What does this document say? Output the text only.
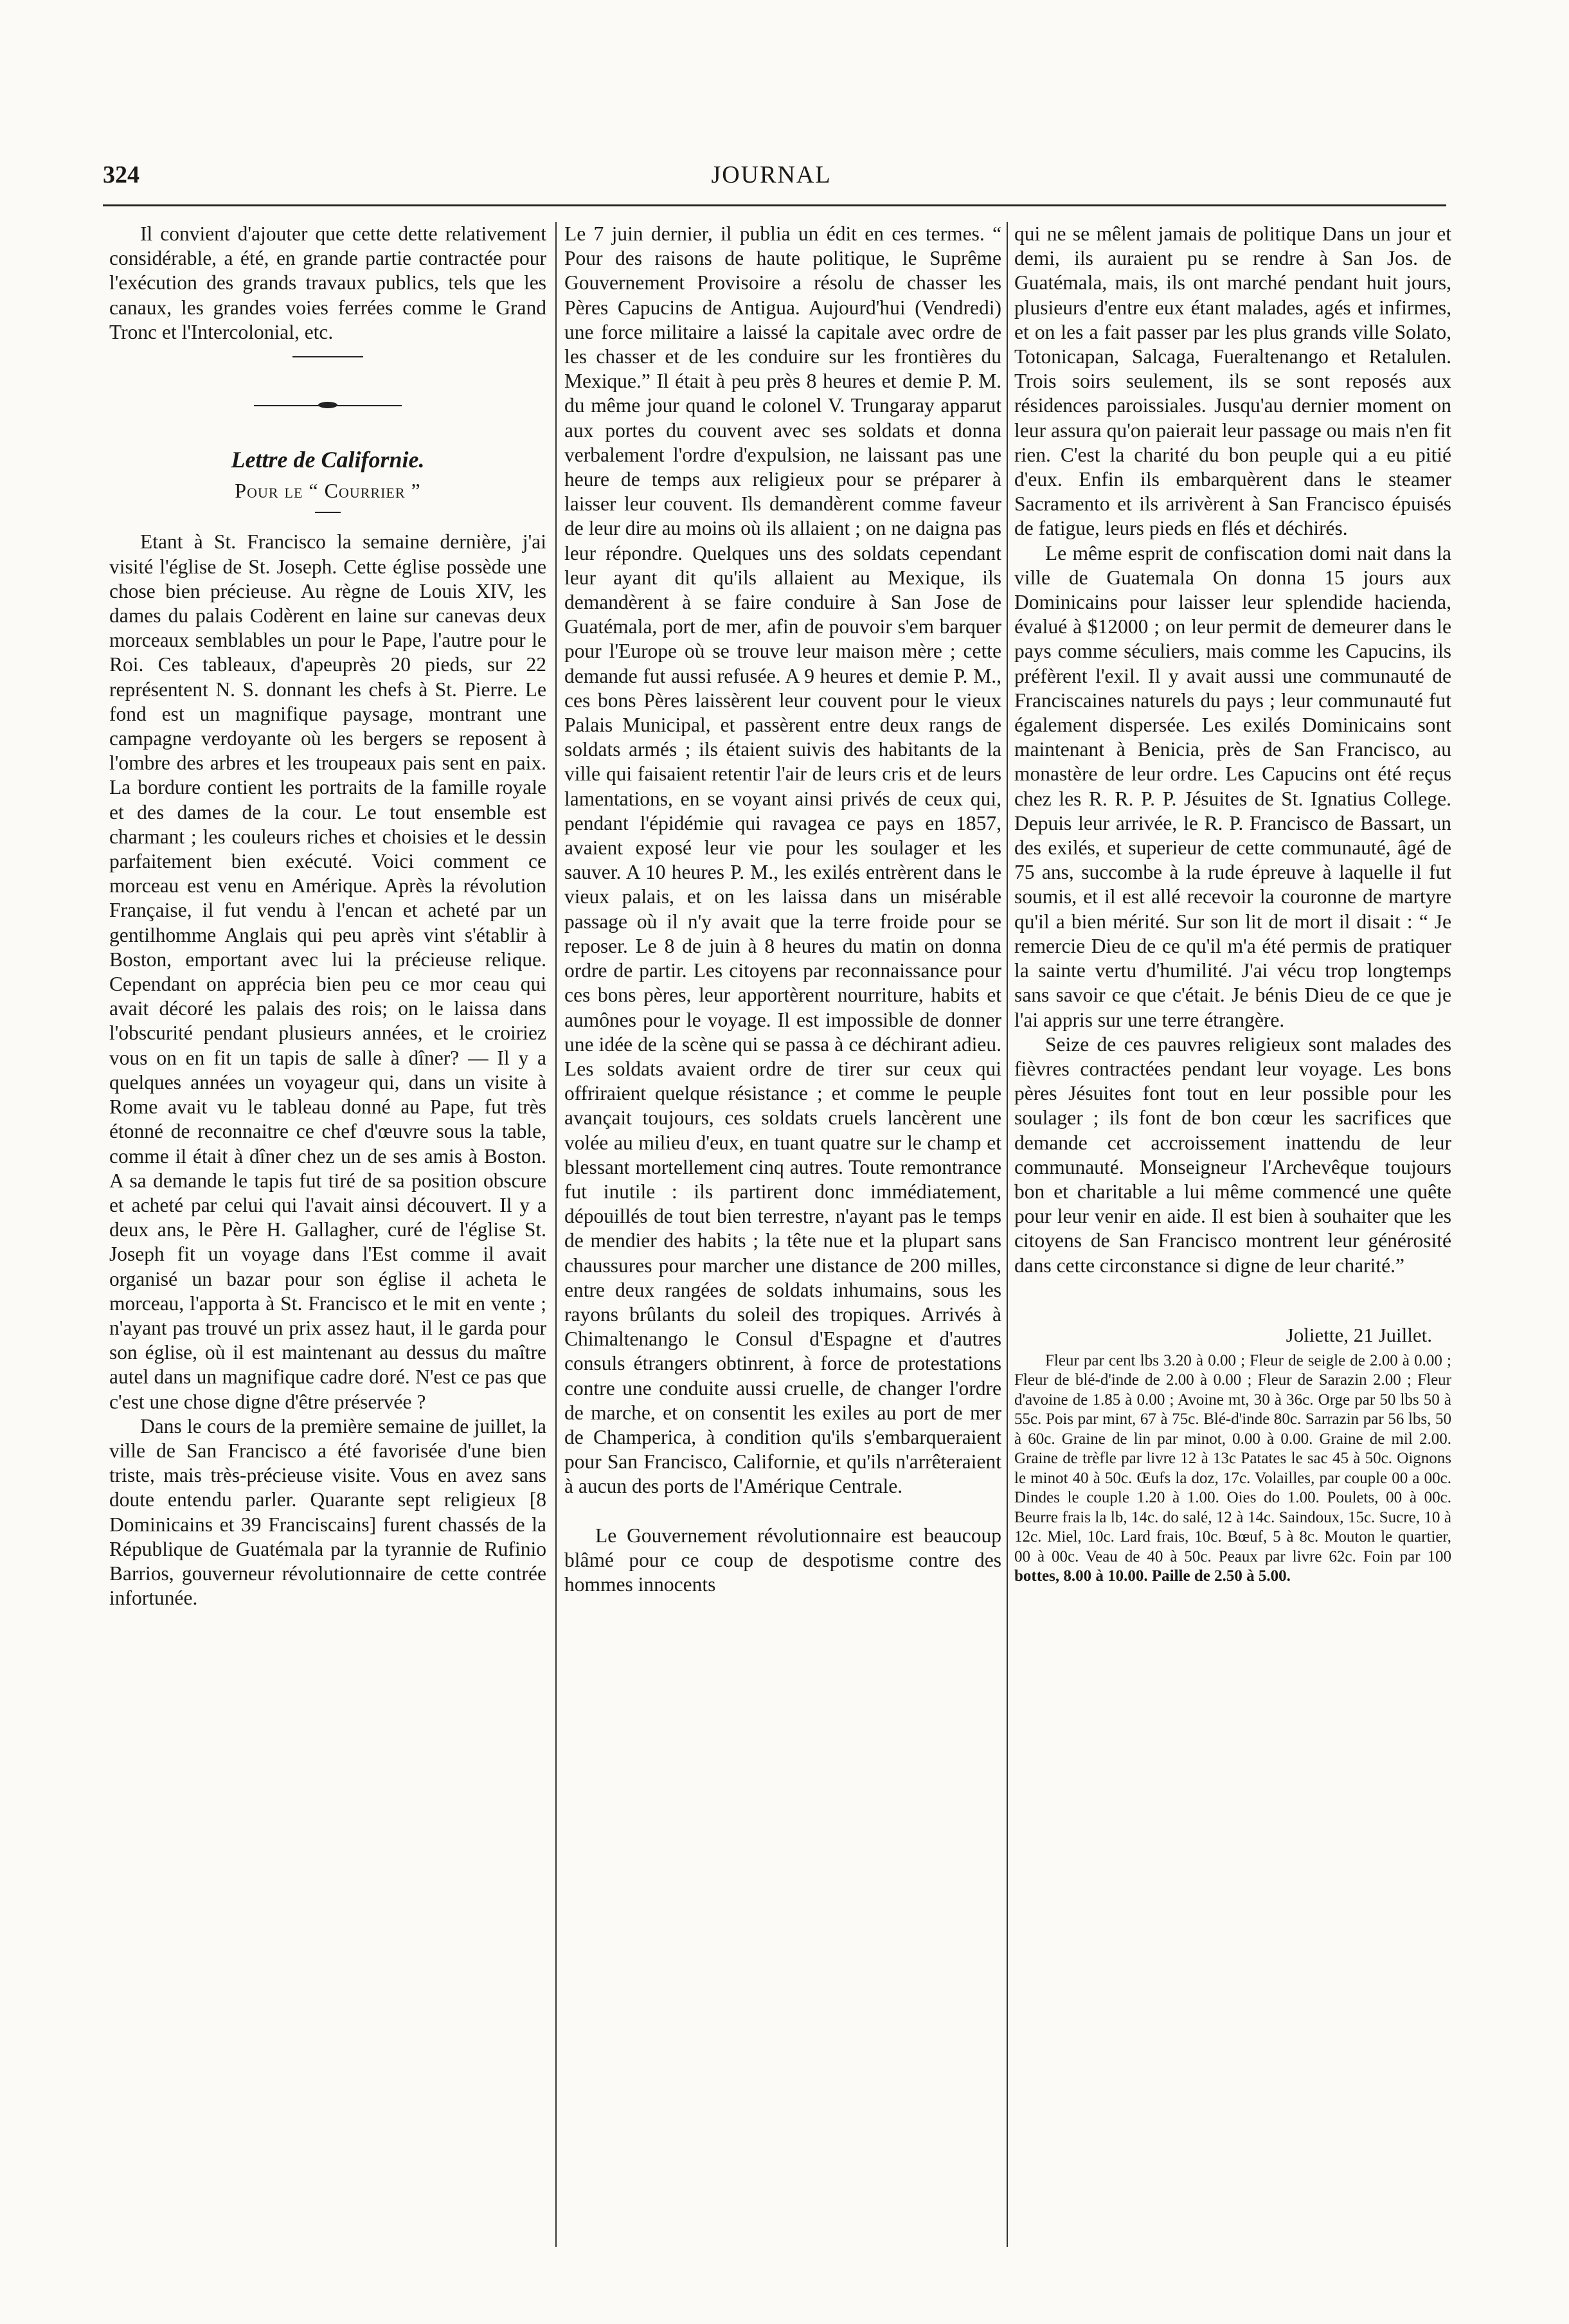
324	JOURNAL

Il convient d'ajouter que cette dette relativement considérable, a été, en grande partie contractée pour l'exécution des grands travaux publics, tels que les canaux, les grandes voies ferrées comme le Grand Tronc et l'Intercolonial, etc.

Lettre de Californie.
Pour le “ Courrier ”

Etant à St. Francisco la semaine dernière, j'ai visité l'église de St. Joseph. Cette église possède une chose bien précieuse. Au règne de Louis XIV, les dames du palais Codèrent en laine sur canevas deux morceaux semblables un pour le Pape, l'autre pour le Roi. Ces tableaux, d'apeuprès 20 pieds, sur 22 représentent N. S. donnant les chefs à St. Pierre. Le fond est un magnifique paysage, montrant une campagne verdoyante où les bergers se reposent à l'ombre des arbres et les troupeaux pais sent en paix. La bordure contient les portraits de la famille royale et des dames de la cour. Le tout ensemble est charmant ; les couleurs riches et choisies et le dessin parfaitement bien exécuté. Voici comment ce morceau est venu en Amérique. Après la révolution Française, il fut vendu à l'encan et acheté par un gentilhomme Anglais qui peu après vint s'établir à Boston, emportant avec lui la précieuse relique. Cependant on apprécia bien peu ce mor ceau qui avait décoré les palais des rois; on le laissa dans l'obscurité pendant plusieurs années, et le croiriez vous on en fit un tapis de salle à dîner? — Il y a quelques années un voyageur qui, dans un visite à Rome avait vu le tableau donné au Pape, fut très étonné de reconnaitre ce chef d'œuvre sous la table, comme il était à dîner chez un de ses amis à Boston. A sa demande le tapis fut tiré de sa position obscure et acheté par celui qui l'avait ainsi découvert. Il y a deux ans, le Père H. Gallagher, curé de l'église St. Joseph fit un voyage dans l'Est comme il avait organisé un bazar pour son église il acheta le morceau, l'apporta à St. Francisco et le mit en vente ; n'ayant pas trouvé un prix assez haut, il le garda pour son église, où il est maintenant au dessus du maître autel dans un magnifique cadre doré. N'est ce pas que c'est une chose digne d'être préservée ?

Dans le cours de la première semaine de juillet, la ville de San Francisco a été favorisée d'une bien triste, mais très-précieuse visite. Vous en avez sans doute entendu parler. Quarante sept religieux [8 Dominicains et 39 Franciscains] furent chassés de la République de Guatémala par la tyrannie de Rufinio Barrios, gouverneur révolutionnaire de cette contrée infortunée.

Le 7 juin dernier, il publia un édit en ces termes. “ Pour des raisons de haute politique, le Suprême Gouvernement Provisoire a résolu de chasser les Pères Capucins de Antigua. Aujourd'hui (Vendredi) une force militaire a laissé la capitale avec ordre de les chasser et de les conduire sur les frontières du Mexique.” Il était à peu près 8 heures et demie P. M. du même jour quand le colonel V. Trungaray apparut aux portes du couvent avec ses soldats et donna verbalement l'ordre d'expulsion, ne laissant pas une heure de temps aux religieux pour se préparer à laisser leur couvent. Ils demandèrent comme faveur de leur dire au moins où ils allaient ; on ne daigna pas leur répondre. Quelques uns des soldats cependant leur ayant dit qu'ils allaient au Mexique, ils demandèrent à se faire conduire à San Jose de Guatémala, port de mer, afin de pouvoir s'em barquer pour l'Europe où se trouve leur maison mère ; cette demande fut aussi refusée. A 9 heures et demie P. M., ces bons Pères laissèrent leur couvent pour le vieux Palais Municipal, et passèrent entre deux rangs de soldats armés ; ils étaient suivis des habitants de la ville qui faisaient retentir l'air de leurs cris et de leurs lamentations, en se voyant ainsi privés de ceux qui, pendant l'épidémie qui ravagea ce pays en 1857, avaient exposé leur vie pour les soulager et les sauver. A 10 heures P. M., les exilés entrèrent dans le vieux palais, et on les laissa dans un misérable passage où il n'y avait que la terre froide pour se reposer. Le 8 de juin à 8 heures du matin on donna ordre de partir. Les citoyens par reconnaissance pour ces bons pères, leur apportèrent nourriture, habits et aumônes pour le voyage. Il est impossible de donner une idée de la scène qui se passa à ce déchirant adieu. Les soldats avaient ordre de tirer sur ceux qui offriraient quelque résistance ; et comme le peuple avançait toujours, ces soldats cruels lancèrent une volée au milieu d'eux, en tuant quatre sur le champ et blessant mortellement cinq autres. Toute remontrance fut inutile : ils partirent donc immédiatement, dépouillés de tout bien terrestre, n'ayant pas le temps de mendier des habits ; la tête nue et la plupart sans chaussures pour marcher une distance de 200 milles, entre deux rangées de soldats inhumains, sous les rayons brûlants du soleil des tropiques. Arrivés à Chimaltenango le Consul d'Espagne et d'autres consuls étrangers obtinrent, à force de protestations contre une conduite aussi cruelle, de changer l'ordre de marche, et on consentit les exiles au port de mer de Champerica, à condition qu'ils s'embarqueraient pour San Francisco, Californie, et qu'ils n'arrêteraient à aucun des ports de l'Amérique Centrale.

Le Gouvernement révolutionnaire est beaucoup blâmé pour ce coup de despotisme contre des hommes innocents

qui ne se mêlent jamais de politique Dans un jour et demi, ils auraient pu se rendre à San Jos. de Guatémala, mais, ils ont marché pendant huit jours, plusieurs d'entre eux étant malades, agés et infirmes, et on les a fait passer par les plus grands ville Solato, Totonicapan, Salcaga, Fueraltenango et Retalulen. Trois soirs seulement, ils se sont reposés aux résidences paroissiales. Jusqu'au dernier moment on leur assura qu'on paierait leur passage ou mais n'en fit rien. C'est la charité du bon peuple qui a eu pitié d'eux. Enfin ils embarquèrent dans le steamer Sacramento et ils arrivèrent à San Francisco épuisés de fatigue, leurs pieds en flés et déchirés.

Le même esprit de confiscation domi nait dans la ville de Guatemala On donna 15 jours aux Dominicains pour laisser leur splendide hacienda, évalué à $12000 ; on leur permit de demeurer dans le pays comme séculiers, mais comme les Capucins, ils préfèrent l'exil. Il y avait aussi une communauté de Franciscaines naturels du pays ; leur communauté fut également dispersée. Les exilés Dominicains sont maintenant à Benicia, près de San Francisco, au monastère de leur ordre. Les Capucins ont été reçus chez les R. R. P. P. Jésuites de St. Ignatius College. Depuis leur arrivée, le R. P. Francisco de Bassart, un des exilés, et superieur de cette communauté, âgé de 75 ans, succombe à la rude épreuve à laquelle il fut soumis, et il est allé recevoir la couronne de martyre qu'il a bien mérité. Sur son lit de mort il disait : “ Je remercie Dieu de ce qu'il m'a été permis de pratiquer la sainte vertu d'humilité. J'ai vécu trop longtemps sans savoir ce que c'était. Je bénis Dieu de ce que je l'ai appris sur une terre étrangère.

Seize de ces pauvres religieux sont malades des fièvres contractées pendant leur voyage. Les bons pères Jésuites font tout en leur possible pour les soulager ; ils font de bon cœur les sacrifices que demande cet accroissement inattendu de leur communauté. Monseigneur l'Archevêque toujours bon et charitable a lui même commencé une quête pour leur venir en aide. Il est bien à souhaiter que les citoyens de San Francisco montrent leur générosité dans cette circonstance si digne de leur charité.”

Joliette, 21 Juillet.

Fleur par cent lbs 3.20 à 0.00 ; Fleur de seigle de 2.00 à 0.00 ; Fleur de blé-d'inde de 2.00 à 0.00 ; Fleur de Sarazin 2.00 ; Fleur d'avoine de 1.85 à 0.00 ; Avoine mt, 30 à 36c. Orge par 50 lbs 50 à 55c. Pois par mint, 67 à 75c. Blé-d'inde 80c. Sarrazin par 56 lbs, 50 à 60c. Graine de lin par minot, 0.00 à 0.00. Graine de mil 2.00. Graine de trèfle par livre 12 à 13c Patates le sac 45 à 50c. Oignons le minot 40 à 50c. Œufs la doz, 17c. Volailles, par couple 00 a 00c. Dindes le couple 1.20 à 1.00. Oies do 1.00. Poulets, 00 à 00c. Beurre frais la lb, 14c. do salé, 12 à 14c. Saindoux, 15c. Sucre, 10 à 12c. Miel, 10c. Lard frais, 10c. Bœuf, 5 à 8c. Mouton le quartier, 00 à 00c. Veau de 40 à 50c. Peaux par livre 62c. Foin par 100 bottes, 8.00 à 10.00. Paille de 2.50 à 5.00.
